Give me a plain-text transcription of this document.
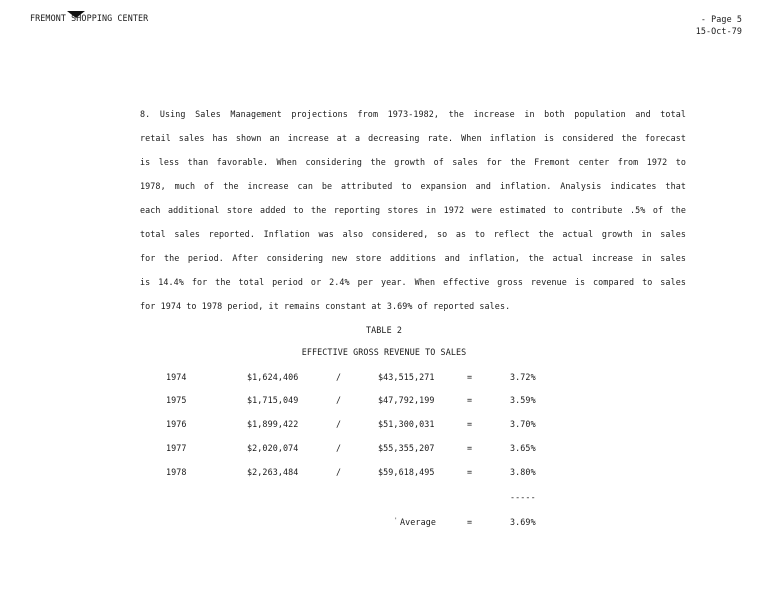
FREMONT SHOPPING CENTER	- Page 5
15-Oct-79
8. Using Sales Management projections from 1973-1982, the increase in both population and total
retail sales has shown an increase at a decreasing rate. When inflation is considered the forecast
is less than favorable. When considering the growth of sales for the Fremont center from 1972 to
1978, much of the increase can be attributed to expansion and inflation. Analysis indicates that
each additional store added to the reporting stores in 1972 were estimated to contribute .5% of the
total sales reported. Inflation was also considered, so as to reflect the actual growth in sales
for the period. After considering new store additions and inflation, the actual increase in sales
is 14.4% for the total period or 2.4% per year. When effective gross revenue is compared to sales
for 1974 to 1978 period, it remains constant at 3.69% of reported sales.
TABLE 2
EFFECTIVE GROSS REVENUE TO SALES
1974	$1,624,406	/	$43,515,271	=	3.72%
1975	$1,715,049	/	$47,792,199	=	3.59%
1976	$1,899,422	/	$51,300,031	=	3.70%
1977	$2,020,074	/	$55,355,207	=	3.65%
1978	$2,263,484	/	$59,618,495	=	3.80%
-----
' Average	=	3.69%
